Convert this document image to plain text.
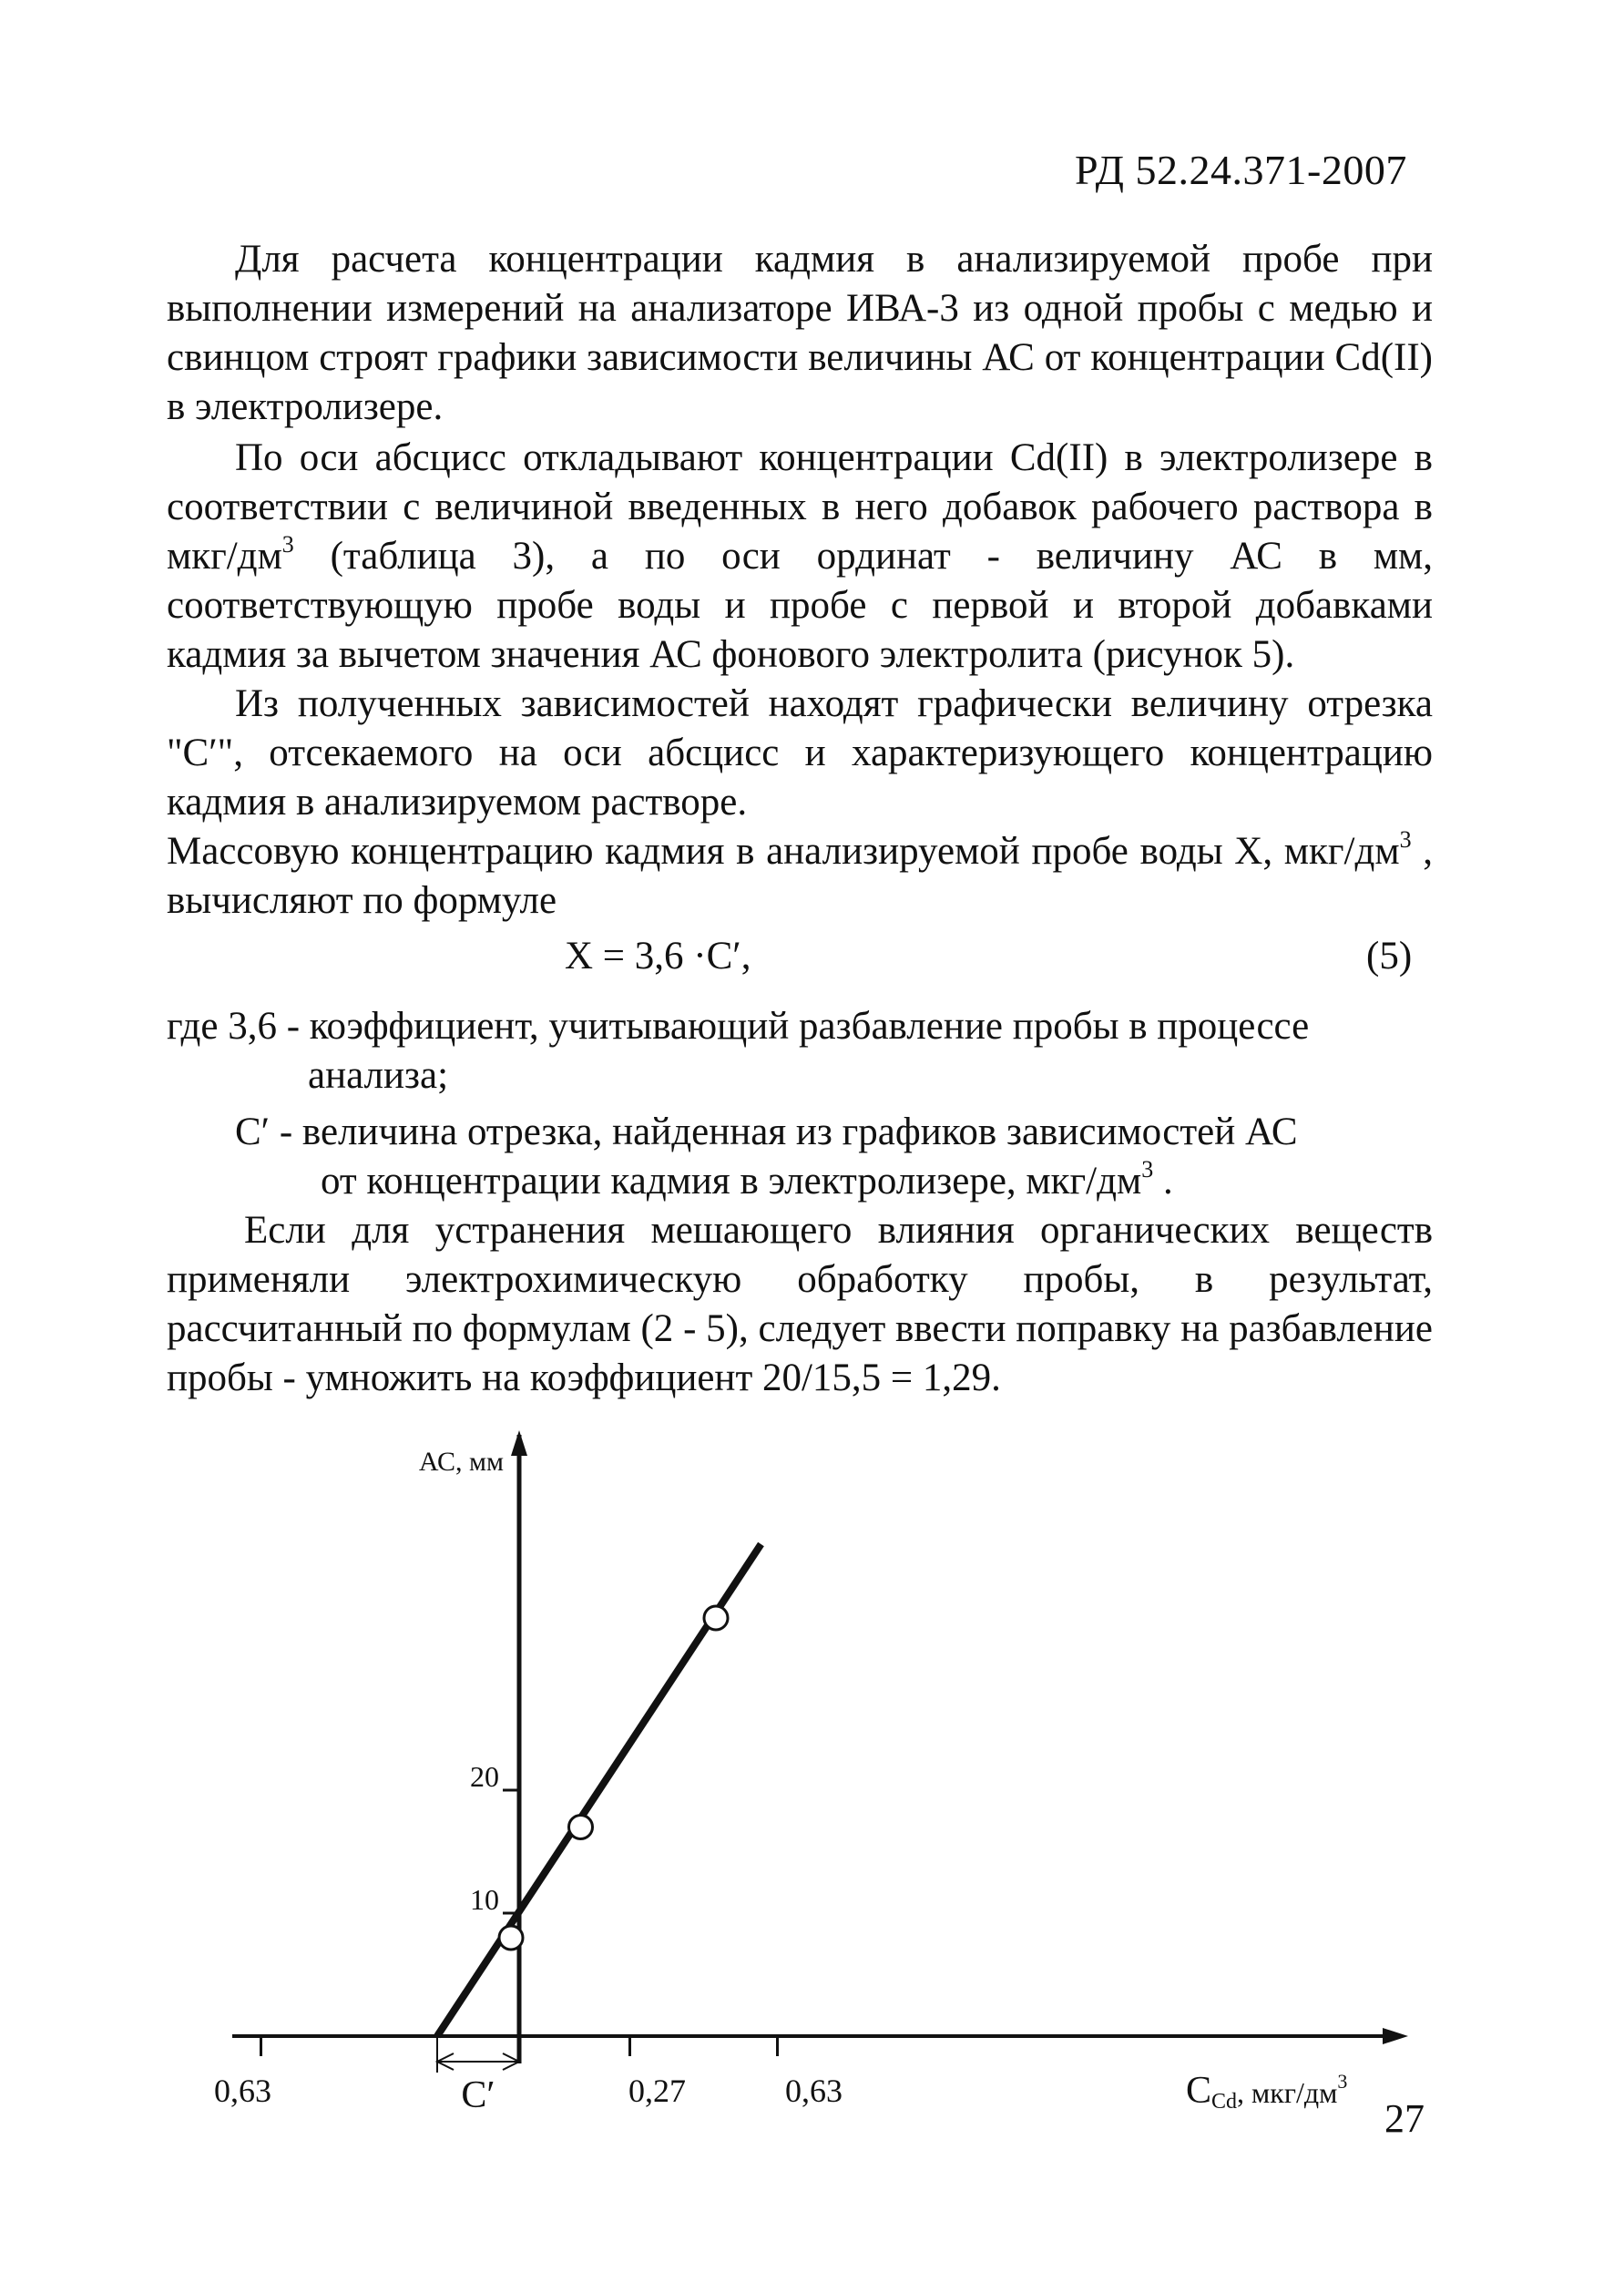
РД 52.24.371-2007

Для расчета концентрации кадмия в анализируемой пробе при выполнении измерений на анализаторе ИВА-3 из одной пробы с медью и свинцом строят графики зависимости величины АС от концентрации Cd(II) в электролизере.

По оси абсцисс откладывают концентрации Cd(II) в электролизере в соответствии с величиной введенных в него добавок рабочего раствора в мкг/$дм^3$ (таблица 3), а по оси ординат - величину АС в мм, соответствующую пробе воды и пробе с первой и второй добавками кадмия за вычетом значения АС фонового электролита (рисунок 5).

Из полученных зависимостей находят графически величину отрезка "С′", отсекаемого на оси абсцисс и характеризующего концентрацию кадмия в анализируемом растворе.

Массовую концентрацию кадмия в анализируемой пробе воды X, мкг/$дм^3$ , вычисляют по формуле

X = 3,6 ·C′,	(5)

где 3,6 - коэффициент, учитывающий разбавление пробы в процессе

анализа;

C′ - величина отрезка, найденная из графиков зависимостей АС

от концентрации кадмия в электролизере, мкг/$дм^3$ .

Если для устранения мешающего влияния органических веществ применяли электрохимическую обработку пробы, в результат, рассчитанный по формулам (2 - 5), следует ввести поправку на разбавление пробы - умножить на коэффициент 20/15,5 = 1,29.

АС, мм
10
20
0,63	0,27	0,63
C′	CCd, мкг/$дм^3$
27
